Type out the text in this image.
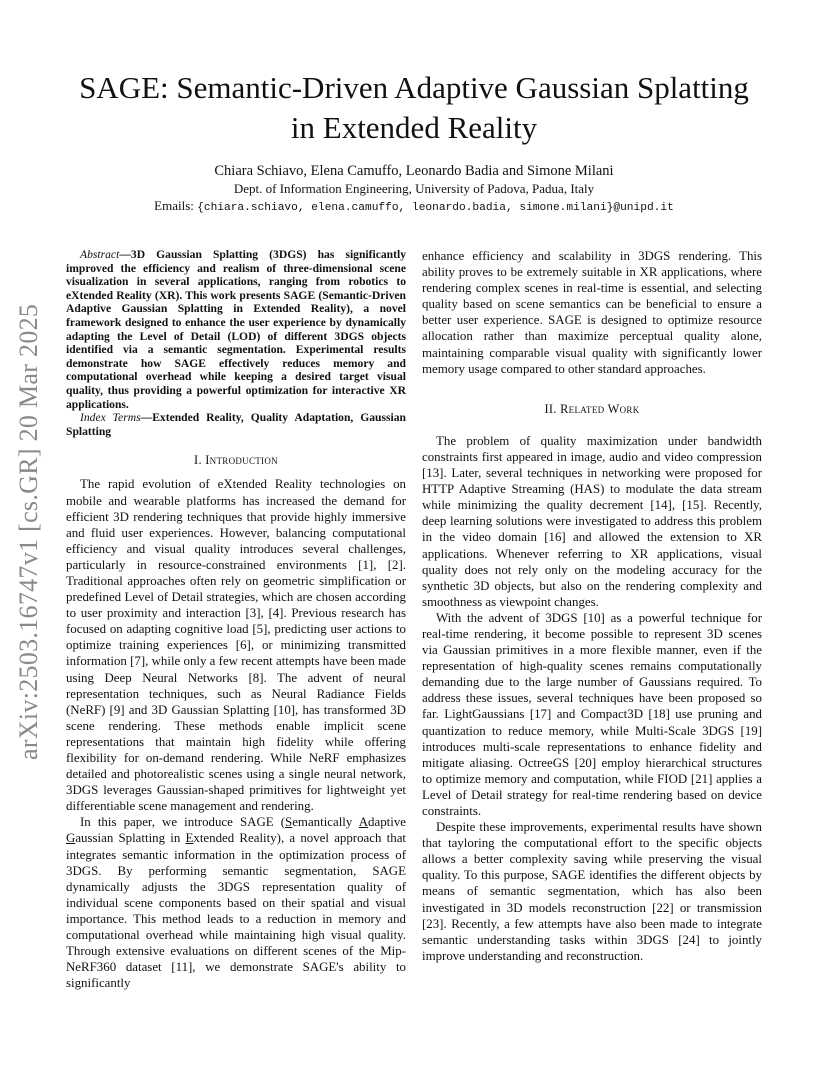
SAGE: Semantic-Driven Adaptive Gaussian Splatting in Extended Reality

Chiara Schiavo, Elena Camuffo, Leonardo Badia and Simone Milani

Dept. of Information Engineering, University of Padova, Padua, Italy

Emails: {chiara.schiavo, elena.camuffo, leonardo.badia, simone.milani}@unipd.it

arXiv:2503.16747v1 [cs.GR] 20 Mar 2025

Abstract—3D Gaussian Splatting (3DGS) has significantly improved the efficiency and realism of three-dimensional scene visualization in several applications, ranging from robotics to eXtended Reality (XR). This work presents SAGE (Semantic-Driven Adaptive Gaussian Splatting in Extended Reality), a novel framework designed to enhance the user experience by dynamically adapting the Level of Detail (LOD) of different 3DGS objects identified via a semantic segmentation. Experimental results demonstrate how SAGE effectively reduces memory and computational overhead while keeping a desired target visual quality, thus providing a powerful optimization for interactive XR applications.

Index Terms—Extended Reality, Quality Adaptation, Gaussian Splatting

I. Introduction

The rapid evolution of eXtended Reality technologies on mobile and wearable platforms has increased the demand for efficient 3D rendering techniques that provide highly immersive and fluid user experiences. However, balancing computational efficiency and visual quality introduces several challenges, particularly in resource-constrained environments [1], [2]. Traditional approaches often rely on geometric simplification or predefined Level of Detail strategies, which are chosen according to user proximity and interaction [3], [4]. Previous research has focused on adapting cognitive load [5], predicting user actions to optimize training experiences [6], or minimizing transmitted information [7], while only a few recent attempts have been made using Deep Neural Networks [8]. The advent of neural representation techniques, such as Neural Radiance Fields (NeRF) [9] and 3D Gaussian Splatting [10], has transformed 3D scene rendering. These methods enable implicit scene representations that maintain high fidelity while offering flexibility for on-demand rendering. While NeRF emphasizes detailed and photorealistic scenes using a single neural network, 3DGS leverages Gaussian-shaped primitives for lightweight yet differentiable scene management and rendering.

In this paper, we introduce SAGE (Semantically Adaptive Gaussian Splatting in Extended Reality), a novel approach that integrates semantic information in the optimization process of 3DGS. By performing semantic segmentation, SAGE dynamically adjusts the 3DGS representation quality of individual scene components based on their spatial and visual importance. This method leads to a reduction in memory and computational overhead while maintaining high visual quality. Through extensive evaluations on different scenes of the Mip-NeRF360 dataset [11], we demonstrate SAGE's ability to significantly

enhance efficiency and scalability in 3DGS rendering. This ability proves to be extremely suitable in XR applications, where rendering complex scenes in real-time is essential, and selecting quality based on scene semantics can be beneficial to ensure a better user experience. SAGE is designed to optimize resource allocation rather than maximize perceptual quality alone, maintaining comparable visual quality with significantly lower memory usage compared to other standard approaches.

II. Related Work

The problem of quality maximization under bandwidth constraints first appeared in image, audio and video compression [13]. Later, several techniques in networking were proposed for HTTP Adaptive Streaming (HAS) to modulate the data stream while minimizing the quality decrement [14], [15]. Recently, deep learning solutions were investigated to address this problem in the video domain [16] and allowed the extension to XR applications. Whenever referring to XR applications, visual quality does not rely only on the modeling accuracy for the synthetic 3D objects, but also on the rendering complexity and smoothness as viewpoint changes.

With the advent of 3DGS [10] as a powerful technique for real-time rendering, it become possible to represent 3D scenes via Gaussian primitives in a more flexible manner, even if the representation of high-quality scenes remains computationally demanding due to the large number of Gaussians required. To address these issues, several techniques have been proposed so far. LightGaussians [17] and Compact3D [18] use pruning and quantization to reduce memory, while Multi-Scale 3DGS [19] introduces multi-scale representations to enhance fidelity and mitigate aliasing. OctreeGS [20] employ hierarchical structures to optimize memory and computation, while FIOD [21] applies a Level of Detail strategy for real-time rendering based on device constraints.

Despite these improvements, experimental results have shown that tayloring the computational effort to the specific objects allows a better complexity saving while preserving the visual quality. To this purpose, SAGE identifies the different objects by means of semantic segmentation, which has also been investigated in 3D models reconstruction [22] or transmission [23]. Recently, a few attempts have also been made to integrate semantic understanding tasks within 3DGS [24] to jointly improve understanding and reconstruction.
